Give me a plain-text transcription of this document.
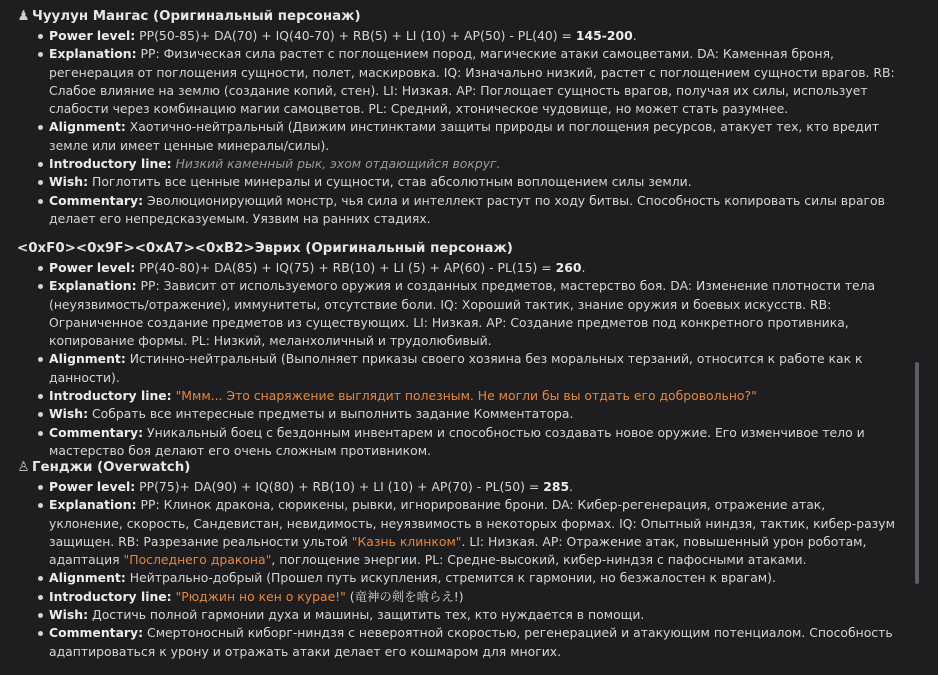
♟ Чуулун Мангас (Оригинальный персонаж)
Power level: PP(50-85)+ DA(70) + IQ(40-70) + RB(5) + LI (10) + AP(50) - PL(40) = 145-200.
Explanation: PP: Физическая сила растет с поглощением пород, магические атаки самоцветами. DA: Каменная броня, регенерация от поглощения сущности, полет, маскировка. IQ: Изначально низкий, растет с поглощением сущности врагов. RB: Слабое влияние на землю (создание копий, стен). LI: Низкая. AP: Поглощает сущность врагов, получая их силы, использует слабости через комбинацию магии самоцветов. PL: Средний, хтоническое чудовище, но может стать разумнее.
Alignment: Хаотично-нейтральный (Движим инстинктами защиты природы и поглощения ресурсов, атакует тех, кто вредит земле или имеет ценные минералы/силы).
Introductory line: Низкий каменный рык, эхом отдающийся вокруг.
Wish: Поглотить все ценные минералы и сущности, став абсолютным воплощением силы земли.
Commentary: Эволюционирующий монстр, чья сила и интеллект растут по ходу битвы. Способность копировать силы врагов делает его непредсказуемым. Уязвим на ранних стадиях.
<0xF0><0x9F><0xA7><0xB2>Эврих (Оригинальный персонаж)
Power level: PP(40-80)+ DA(85) + IQ(75) + RB(10) + LI (5) + AP(60) - PL(15) = 260.
Explanation: PP: Зависит от используемого оружия и созданных предметов, мастерство боя. DA: Изменение плотности тела (неуязвимость/отражение), иммунитеты, отсутствие боли. IQ: Хороший тактик, знание оружия и боевых искусств. RB: Ограниченное создание предметов из существующих. LI: Низкая. AP: Создание предметов под конкретного противника, копирование формы. PL: Низкий, меланхоличный и трудолюбивый.
Alignment: Истинно-нейтральный (Выполняет приказы своего хозяина без моральных терзаний, относится к работе как к данности).
Introductory line: "Ммм... Это снаряжение выглядит полезным. Не могли бы вы отдать его добровольно?"
Wish: Собрать все интересные предметы и выполнить задание Комментатора.
Commentary: Уникальный боец с бездонным инвентарем и способностью создавать новое оружие. Его изменчивое тело и мастерство боя делают его очень сложным противником.
♙ Генджи (Overwatch)
Power level: PP(75)+ DA(90) + IQ(80) + RB(10) + LI (10) + AP(70) - PL(50) = 285.
Explanation: PP: Клинок дракона, сюрикены, рывки, игнорирование брони. DA: Кибер-регенерация, отражение атак, уклонение, скорость, Сандевистан, невидимость, неуязвимость в некоторых формах. IQ: Опытный ниндзя, тактик, кибер-разум защищен. RB: Разрезание реальности ультой "Казнь клинком". LI: Низкая. AP: Отражение атак, повышенный урон роботам, адаптация "Последнего дракона", поглощение энергии. PL: Средне-высокий, кибер-ниндзя с пафосными атаками.
Alignment: Нейтрально-добрый (Прошел путь искупления, стремится к гармонии, но безжалостен к врагам).
Introductory line: "Рюджин но кен о курае!" (竜神の剣を喰らえ!)
Wish: Достичь полной гармонии духа и машины, защитить тех, кто нуждается в помощи.
Commentary: Смертоносный киборг-ниндзя с невероятной скоростью, регенерацией и атакующим потенциалом. Способность адаптироваться к урону и отражать атаки делает его кошмаром для многих.
